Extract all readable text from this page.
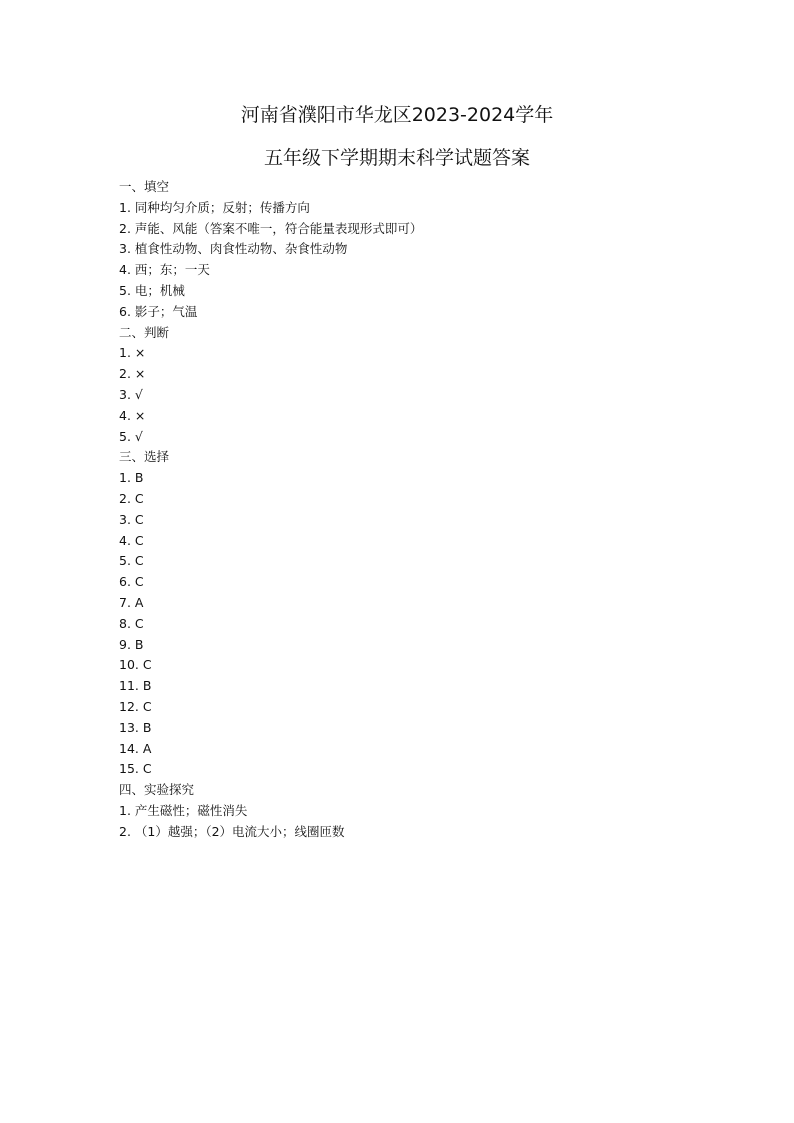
河南省濮阳市华龙区2023-2024学年
五年级下学期期末科学试题答案
一、填空
1. 同种均匀介质；反射；传播方向
2. 声能、风能（答案不唯一，符合能量表现形式即可）
3. 植食性动物、肉食性动物、杂食性动物
4. 西；东；一天
5. 电；机械
6. 影子；气温
二、判断
1. ×
2. ×
3. √
4. ×
5. √
三、选择
1. B
2. C
3. C
4. C
5. C
6. C
7. A
8. C
9. B
10. C
11. B
12. C
13. B
14. A
15. C
四、实验探究
1. 产生磁性；磁性消失
2. （1）越强；（2）电流大小；线圈匝数
